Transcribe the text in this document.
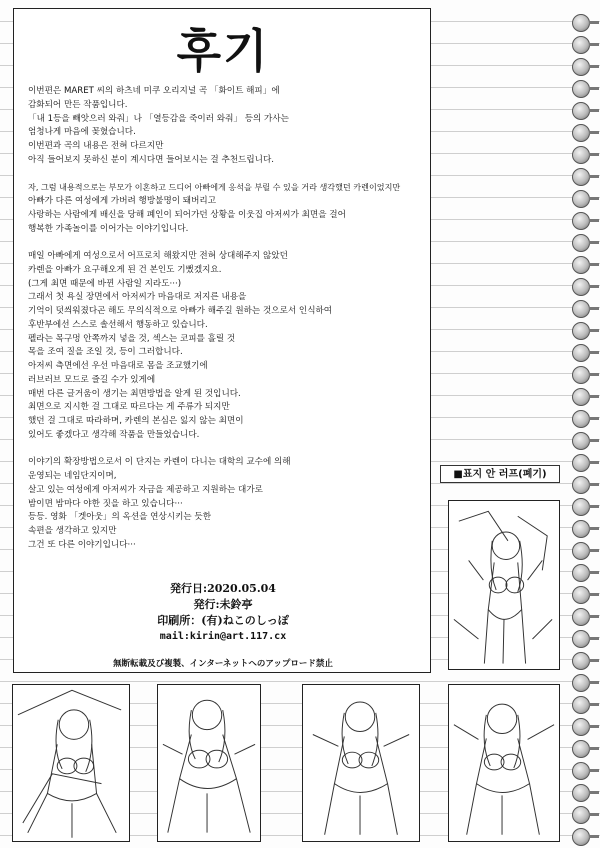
후기
이번편은 MARET 씨의 하츠네 미쿠 오리지널 곡 「화이트 해피」에
감화되어 만든 작품입니다.
「내 1등을 빼앗으러 와줘」나 「열등감을 죽이러 와줘」 등의 가사는
엄청나게 마음에 꽂혔습니다.
이번편과 곡의 내용은 전혀 다르지만
아직 들어보지 못하신 분이 계시다면 들어보시는 걸 추천드립니다.
자, 그럼 내용적으로는 부모가 이혼하고 드디어 아빠에게 응석을 부릴 수 있을 거라 생각했던 카렌이었지만
아빠가 다른 여성에게 가버려 행방불명이 돼버리고
사랑하는 사람에게 배신을 당해 폐인이 되어가던 상황을 이웃집 아저씨가 최면을 걸어
행복한 가족놀이를 이어가는 이야기입니다.
매일 아빠에게 여성으로서 어프로치 해왔지만 전혀 상대해주지 않았던
카렌을 아빠가 요구해오게 된 건 본인도 기뻤겠지요.
(그게 최면 때문에 바뀐 사람일 지라도···)
그래서 첫 욕실 장면에서 아저씨가 마음대로 저지른 내용을
기억이 덧씌워졌다곤 해도 무의식적으로 아빠가 해주길 원하는 것으로서 인식하여
후반부에선 스스로 솔선해서 행동하고 있습니다.
펠라는 목구멍 안쪽까지 넣을 것, 섹스는 코피를 흘릴 것
목을 조여 질을 조일 것, 등이 그러합니다.
아저씨 측면에선 우선 마음대로 몸을 조교했기에
러브러브 모드로 즐길 수가 있게에
매번 다른 글거움이 생기는 최면방법을 알게 된 것입니다.
최면으로 지시한 걸 그대로 따르다는 게 주류가 되지만
했던 걸 그대로 따라하며, 카렌의 본심은 잃지 않는 최면이
있어도 좋겠다고 생각해 작품을 만들었습니다.
이야기의 확장방법으로서 이 단지는 카렌이 다니는 대학의 교수에 의해
운영되는 네임단지이며,
살고 있는 여성에게 아저씨가 자금을 제공하고 지원하는 대가로
밤이면 밤마다 야한 짓을 하고 있습니다···
등등. 영화 「겟아웃」의 옥션을 연상시키는 듯한
속편을 생각하고 있지만
그건 또 다른 이야기입니다···
発行日:2020.05.04
発行:未鈴亭
印刷所：(有)ねこのしっぽ
mail:kirin@art.117.cx
無断転載及び複製、インターネットへのアップロード禁止
■표지 안 러프(폐기)
